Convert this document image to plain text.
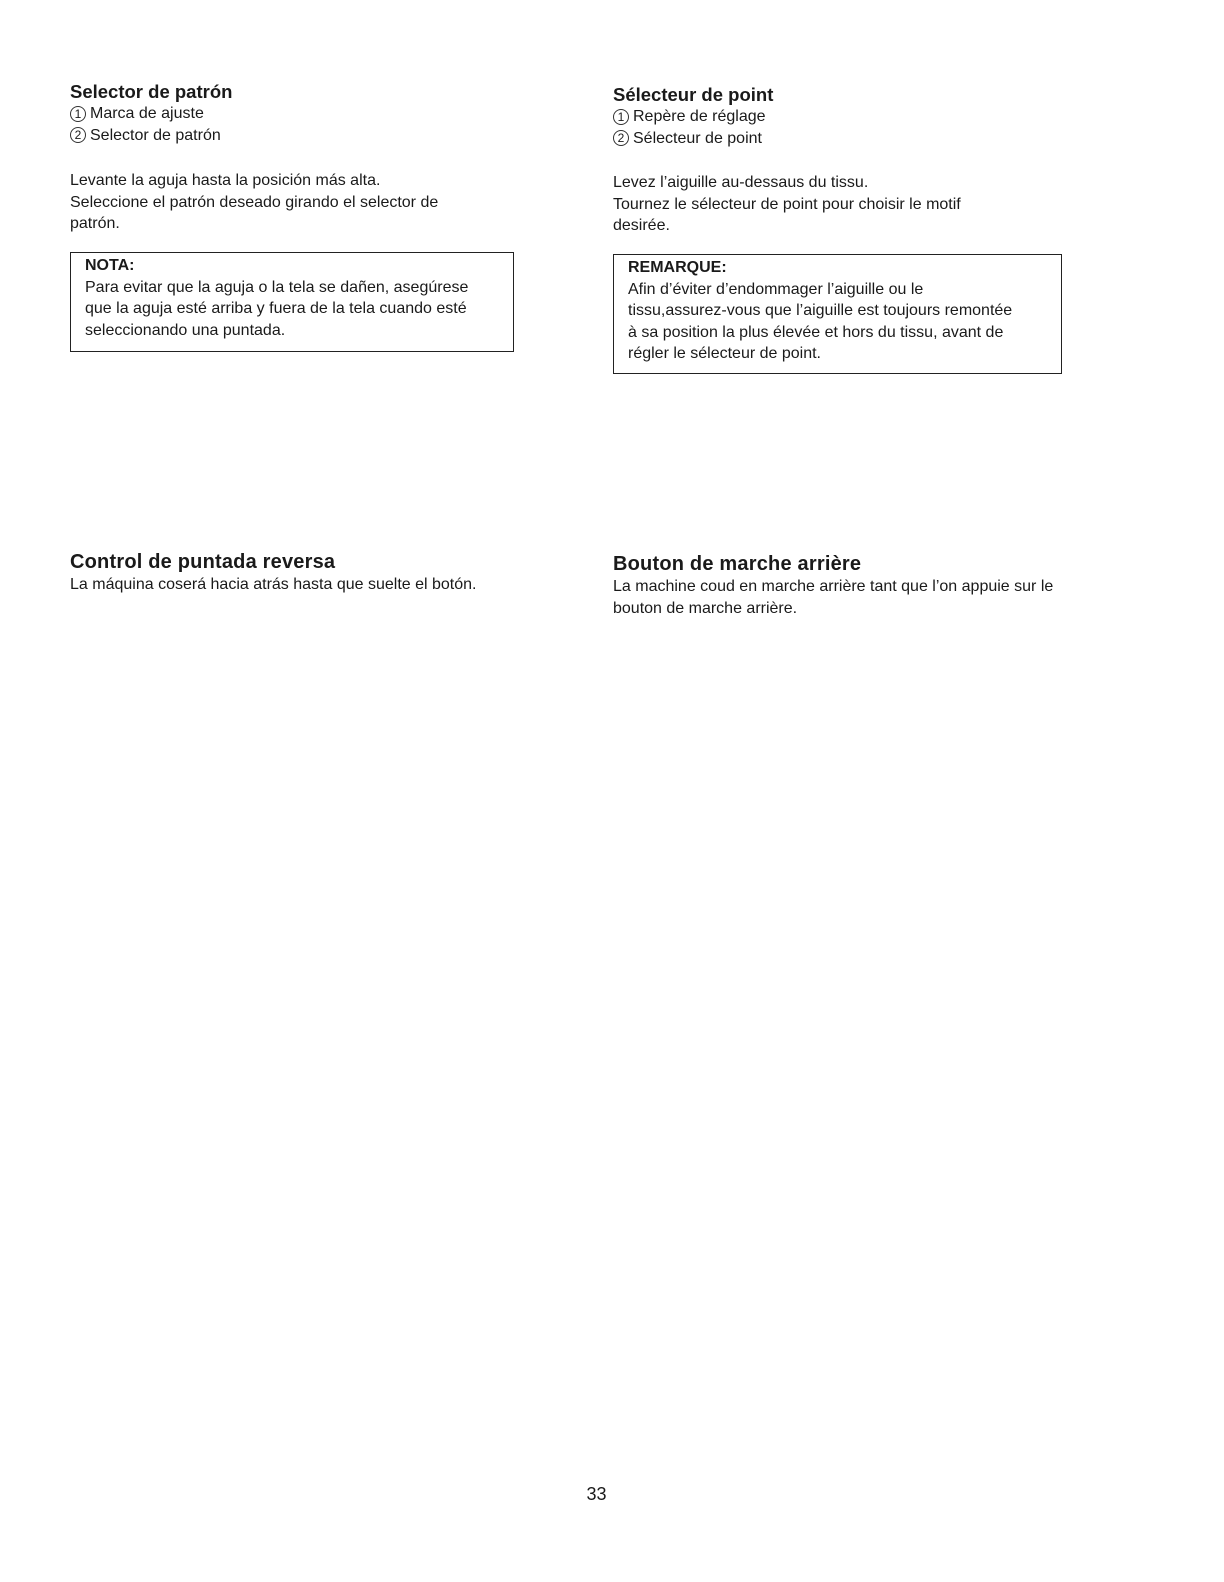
Selector de patrón
1 Marca de ajuste
2 Selector de patrón

Levante la aguja hasta la posición más alta.

Seleccione el patrón deseado girando el selector de

patrón.

NOTA:
Para evitar que la aguja o la tela se dañen, asegúrese
que la aguja esté arriba y fuera de la tela cuando esté
seleccionando una puntada.
Sélecteur de point
1 Repère de réglage
2 Sélecteur de point

Levez l’aiguille au-dessaus du tissu.

Tournez le sélecteur de point pour choisir le motif

desirée.

REMARQUE:
Afin d’éviter d’endommager l’aiguille ou le
tissu,assurez-vous que l’aiguille est toujours remontée
à sa position la plus élevée et hors du tissu, avant de
régler le sélecteur de point.
Control de puntada reversa

La máquina coserá hacia atrás hasta que suelte el botón.

Bouton de marche arrière

La machine coud en marche arrière tant que l’on appuie sur le

bouton de marche arrière.

33
